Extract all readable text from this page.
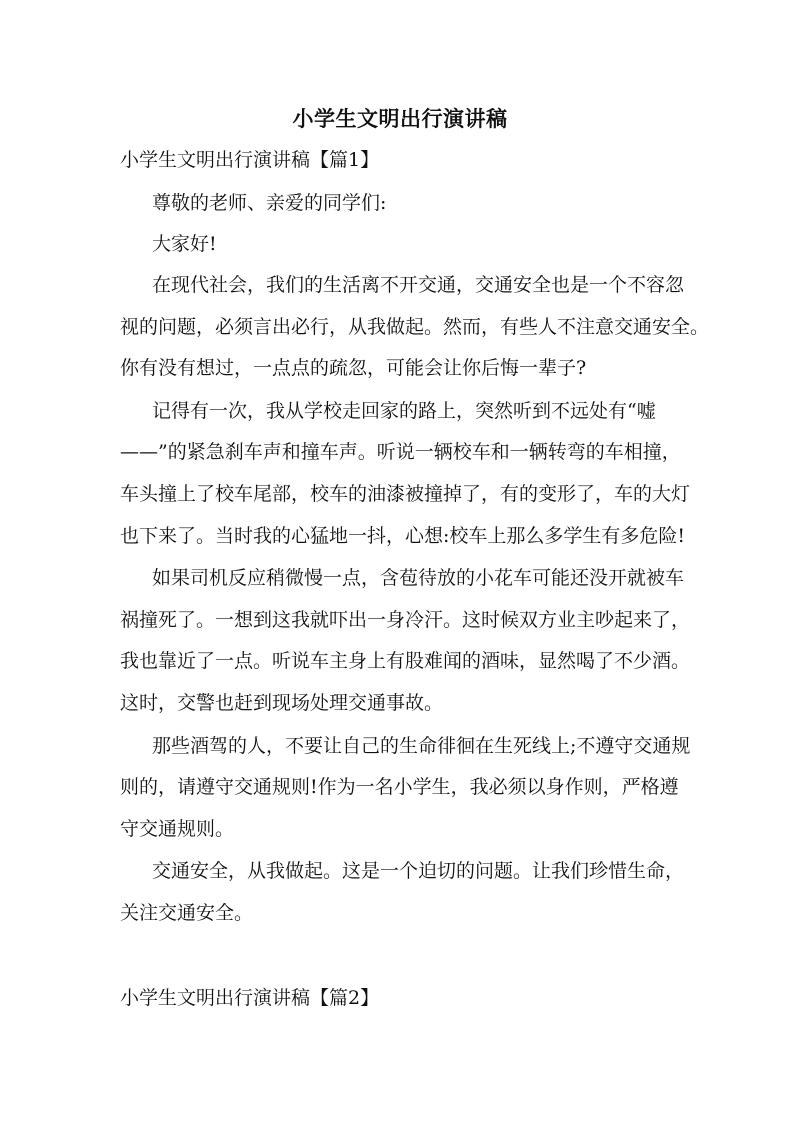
小学生文明出行演讲稿
小学生文明出行演讲稿【篇1】
尊敬的老师、亲爱的同学们:
大家好!
在现代社会，我们的生活离不开交通，交通安全也是一个不容忽
视的问题，必须言出必行，从我做起。然而，有些人不注意交通安全。
你有没有想过，一点点的疏忽，可能会让你后悔一辈子?
记得有一次，我从学校走回家的路上，突然听到不远处有“嘘
——”的紧急刹车声和撞车声。听说一辆校车和一辆转弯的车相撞，
车头撞上了校车尾部，校车的油漆被撞掉了，有的变形了，车的大灯
也下来了。当时我的心猛地一抖，心想:校车上那么多学生有多危险!
如果司机反应稍微慢一点，含苞待放的小花车可能还没开就被车
祸撞死了。一想到这我就吓出一身冷汗。这时候双方业主吵起来了，
我也靠近了一点。听说车主身上有股难闻的酒味，显然喝了不少酒。
这时，交警也赶到现场处理交通事故。
那些酒驾的人，不要让自己的生命徘徊在生死线上;不遵守交通规
则的，请遵守交通规则!作为一名小学生，我必须以身作则，严格遵
守交通规则。
交通安全，从我做起。这是一个迫切的问题。让我们珍惜生命，
关注交通安全。
小学生文明出行演讲稿【篇2】
